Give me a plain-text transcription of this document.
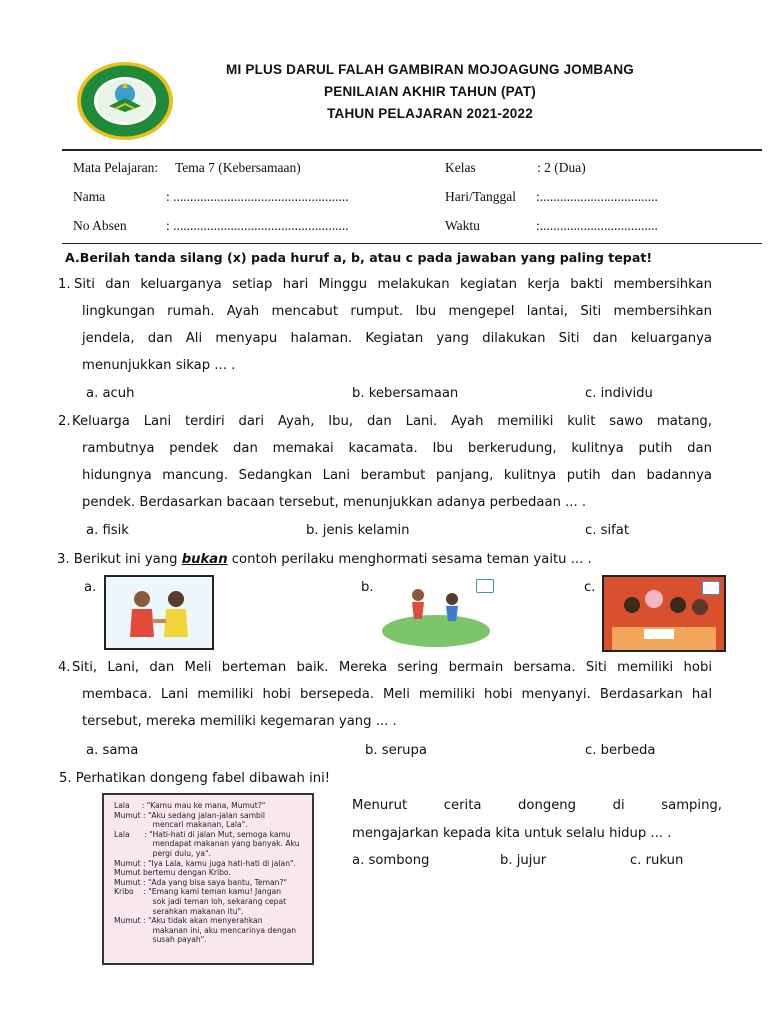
MI PLUS DARUL FALAH GAMBIRAN MOJOAGUNG JOMBANG
PENILAIAN AKHIR TAHUN (PAT)
TAHUN PELAJARAN 2021-2022
Mata Pelajaran: Tema 7 (Kebersamaan)	Kelas	: 2 (Dua)
Nama	: ....................................................	Hari/Tanggal :...................................
No Absen	: ....................................................	Waktu	:...................................
A.Berilah tanda silang (x) pada huruf a, b, atau c pada jawaban yang paling tepat!
1. Siti dan keluarganya setiap hari Minggu melakukan kegiatan kerja bakti membersihkan
lingkungan rumah. Ayah mencabut rumput. Ibu mengepel lantai, Siti membersihkan
jendela, dan Ali menyapu halaman. Kegiatan yang dilakukan Siti dan keluarganya
menunjukkan sikap ... .
a. acuh	b. kebersamaan	c. individu
2. Keluarga Lani terdiri dari Ayah, Ibu, dan Lani. Ayah memiliki kulit sawo matang,
rambutnya pendek dan memakai kacamata. Ibu berkerudung, kulitnya putih dan
hidungnya mancung. Sedangkan Lani berambut panjang, kulitnya putih dan badannya
pendek. Berdasarkan bacaan tersebut, menunjukkan adanya perbedaan ... .
a. fisik	b. jenis kelamin	c. sifat
3. Berikut ini yang bukan contoh perilaku menghormati sesama teman yaitu ... .
a.	b.	c.
4. Siti, Lani, dan Meli berteman baik. Mereka sering bermain bersama. Siti memiliki hobi
membaca. Lani memiliki hobi bersepeda. Meli memiliki hobi menyanyi. Berdasarkan hal
tersebut, mereka memiliki kegemaran yang ... .
a. sama	b. serupa	c. berbeda
5. Perhatikan dongeng fabel dibawah ini!
Lala     : "Kamu mau ke mana, Mumut?"
Mumut : "Aku sedang jalan-jalan sambil
mencari makanan, Lala".
Lala      : "Hati-hati di jalan Mut, semoga kamu
mendapat makanan yang banyak. Aku
pergi dulu, ya".
Mumut : "Iya Lala, kamu juga hati-hati di jalan".
Mumut bertemu dengan Kribo.
Mumut : "Ada yang bisa saya bantu, Teman?"
Kribo    : "Emang kami teman kamu! Jangan
sok jadi teman loh, sekarang cepat
serahkan makanan itu".
Mumut : "Aku tidak akan menyerahkan
makanan ini, aku mencarinya dengan
susah payah".
Menurut cerita dongeng di samping,
mengajarkan kepada kita untuk selalu hidup ... .
a. sombong	b. jujur	c. rukun
